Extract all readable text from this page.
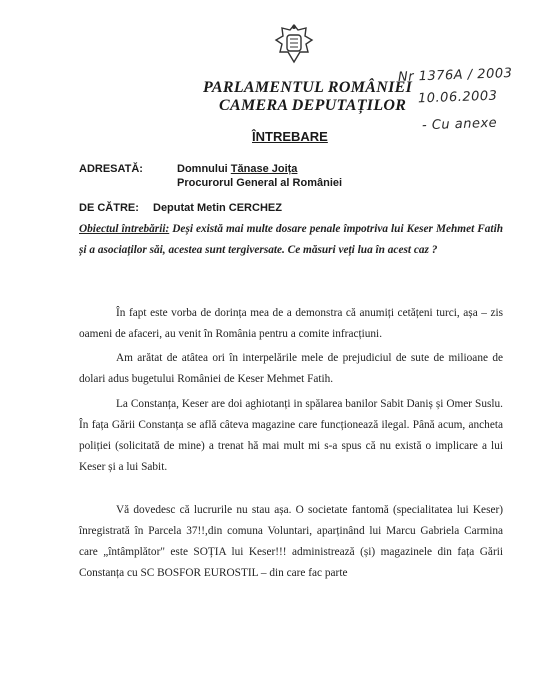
Nr 1376A / 2003
10.06.2003
- Cu anexe
PARLAMENTUL ROMÂNIEI
CAMERA DEPUTAȚILOR
ÎNTREBARE
ADRESATĂ:	Domnului Tănase Joița
Procurorul General al României
DE CĂTRE: Deputat Metin CERCHEZ
Obiectul întrebării: Deși există mai multe dosare penale împotriva lui Keser Mehmet Fatih și a asociaților săi, acestea sunt tergiversate. Ce măsuri veți lua în acest caz ?
În fapt este vorba de dorința mea de a demonstra că anumiți cetățeni turci, așa – zis oameni de afaceri, au venit în România pentru a comite infracțiuni.
Am arătat de atâtea ori în interpelările mele de prejudiciul de sute de milioane de dolari adus bugetului României de Keser Mehmet Fatih.
La Constanța, Keser are doi aghiotanți in spălarea banilor Sabit Daniș și Omer Suslu. În fața Gării Constanța se află câteva magazine care funcționează ilegal. Până acum, ancheta poliției (solicitată de mine) a trenat hă mai mult mi s-a spus că nu există o implicare a lui Keser și a lui Sabit.
Vă dovedesc că lucrurile nu stau așa. O societate fantomă (specialitatea lui Keser) înregistrată în Parcela 37!!,din comuna Voluntari, aparținând lui Marcu Gabriela Carmina care „întâmplător" este SOȚIA lui Keser!!! administrează (și) magazinele din fața Gării Constanța cu SC BOSFOR EUROSTIL – din care fac parte
